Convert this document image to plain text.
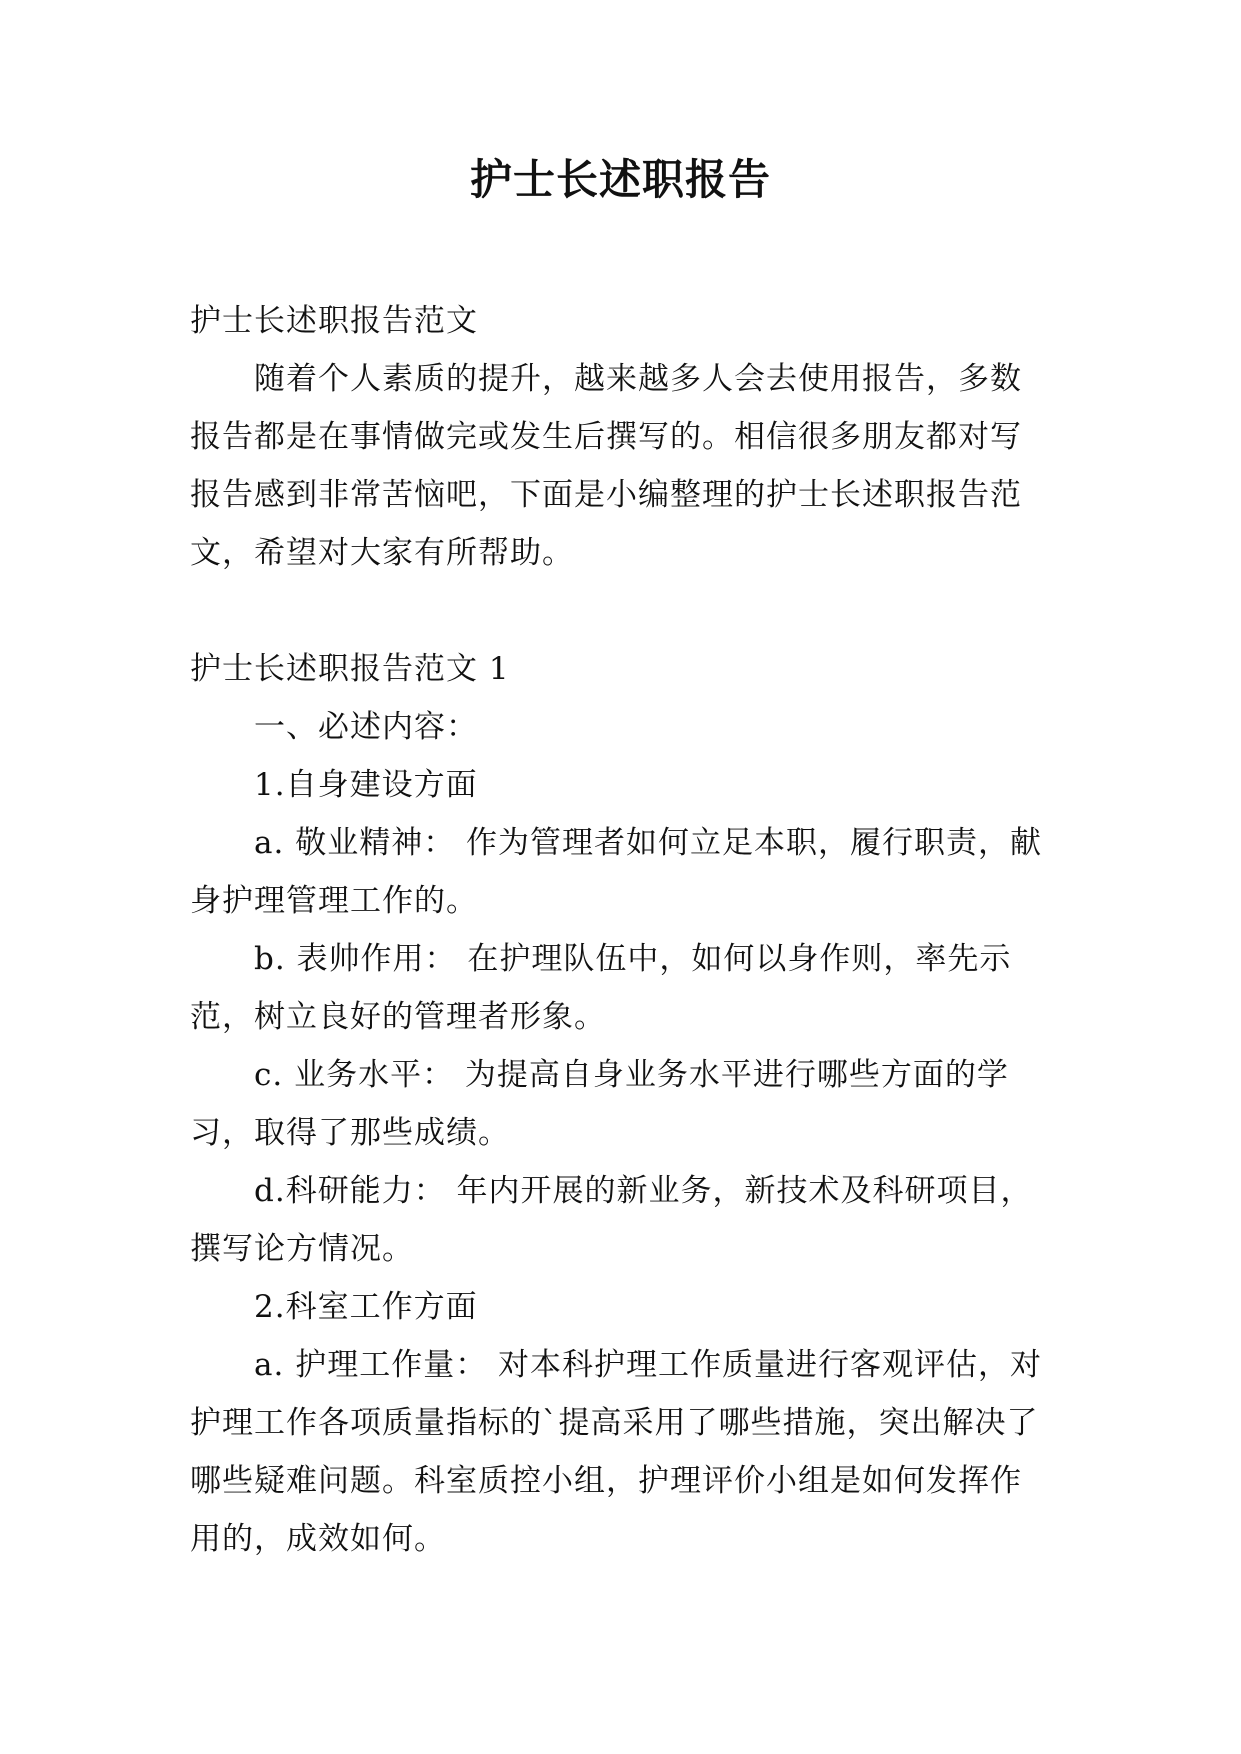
护士长述职报告

护士长述职报告范文

随着个人素质的提升，越来越多人会去使用报告，多数报告都是在事情做完或发生后撰写的。相信很多朋友都对写报告感到非常苦恼吧，下面是小编整理的护士长述职报告范文，希望对大家有所帮助。

护士长述职报告范文 1

一、必述内容：

1.自身建设方面

a. 敬业精神： 作为管理者如何立足本职，履行职责，献身护理管理工作的。

b. 表帅作用： 在护理队伍中，如何以身作则，率先示范，树立良好的管理者形象。

c. 业务水平： 为提高自身业务水平进行哪些方面的学习，取得了那些成绩。

d.科研能力： 年内开展的新业务，新技术及科研项目，撰写论方情况。

2.科室工作方面

a. 护理工作量： 对本科护理工作质量进行客观评估，对护理工作各项质量指标的`提高采用了哪些措施，突出解决了哪些疑难问题。科室质控小组，护理评价小组是如何发挥作用的，成效如何。
